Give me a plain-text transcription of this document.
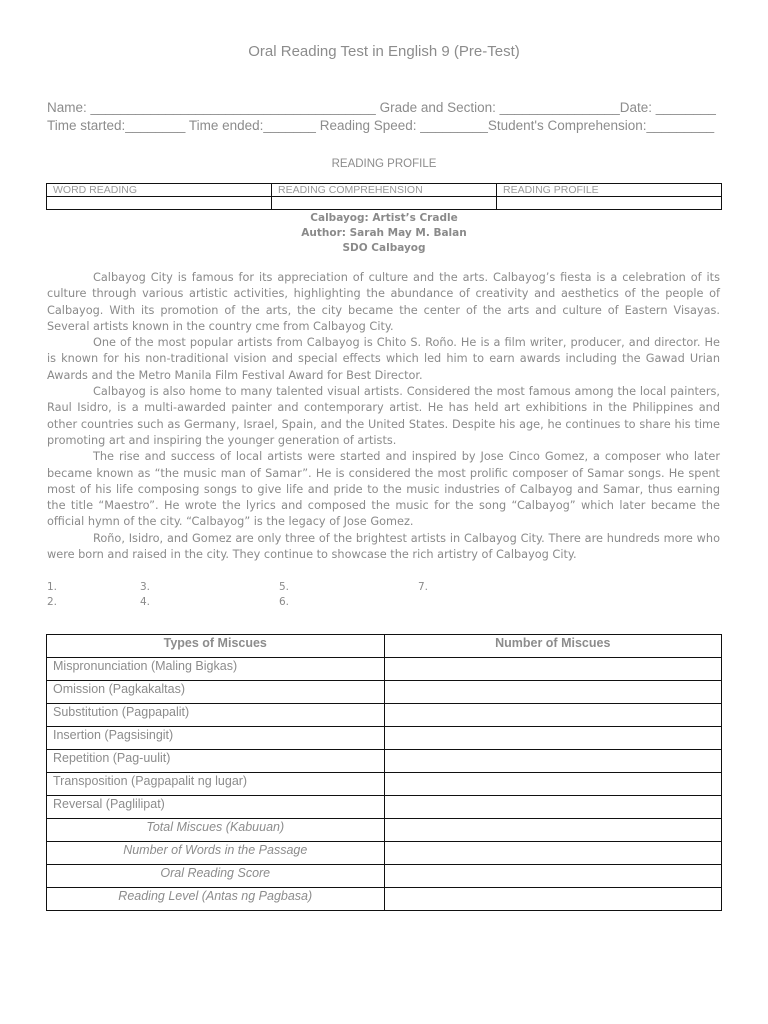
Oral Reading Test in English 9 (Pre-Test)
Name: ______________________________________ Grade and Section: ________________Date: ________
Time started:________ Time ended:_______ Reading Speed: _________Student's Comprehension:_________
READING PROFILE
WORD READING	READING COMPREHENSION	READING PROFILE

Calbayog: Artist’s Cradle
Author: Sarah May M. Balan
SDO Calbayog

Calbayog City is famous for its appreciation of culture and the arts. Calbayog’s fiesta is a celebration of its culture through various artistic activities, highlighting the abundance of creativity and aesthetics of the people of Calbayog. With its promotion of the arts, the city became the center of the arts and culture of Eastern Visayas. Several artists known in the country cme from Calbayog City.

One of the most popular artists from Calbayog is Chito S. Roño. He is a film writer, producer, and director. He is known for his non-traditional vision and special effects which led him to earn awards including the Gawad Urian Awards and the Metro Manila Film Festival Award for Best Director.

Calbayog is also home to many talented visual artists. Considered the most famous among the local painters, Raul Isidro, is a multi-awarded painter and contemporary artist. He has held art exhibitions in the Philippines and other countries such as Germany, Israel, Spain, and the United States. Despite his age, he continues to share his time promoting art and inspiring the younger generation of artists.

The rise and success of local artists were started and inspired by Jose Cinco Gomez, a composer who later became known as “the music man of Samar”. He is considered the most prolific composer of Samar songs. He spent most of his life composing songs to give life and pride to the music industries of Calbayog and Samar, thus earning the title “Maestro”. He wrote the lyrics and composed the music for the song “Calbayog” which later became the official hymn of the city. “Calbayog” is the legacy of Jose Gomez.

Roño, Isidro, and Gomez are only three of the brightest artists in Calbayog City. There are hundreds more who were born and raised in the city. They continue to showcase the rich artistry of Calbayog City.

1.
2.
3.
4.
5.
6.
7.
Types of Miscues	Number of Miscues
Mispronunciation (Maling Bigkas)	
Omission (Pagkakaltas)	
Substitution (Pagpapalit)	
Insertion (Pagsisingit)	
Repetition (Pag-uulit)	
Transposition (Pagpapalit ng lugar)	
Reversal (Paglilipat)	
Total Miscues (Kabuuan)	
Number of Words in the Passage	
Oral Reading Score	
Reading Level (Antas ng Pagbasa)	
